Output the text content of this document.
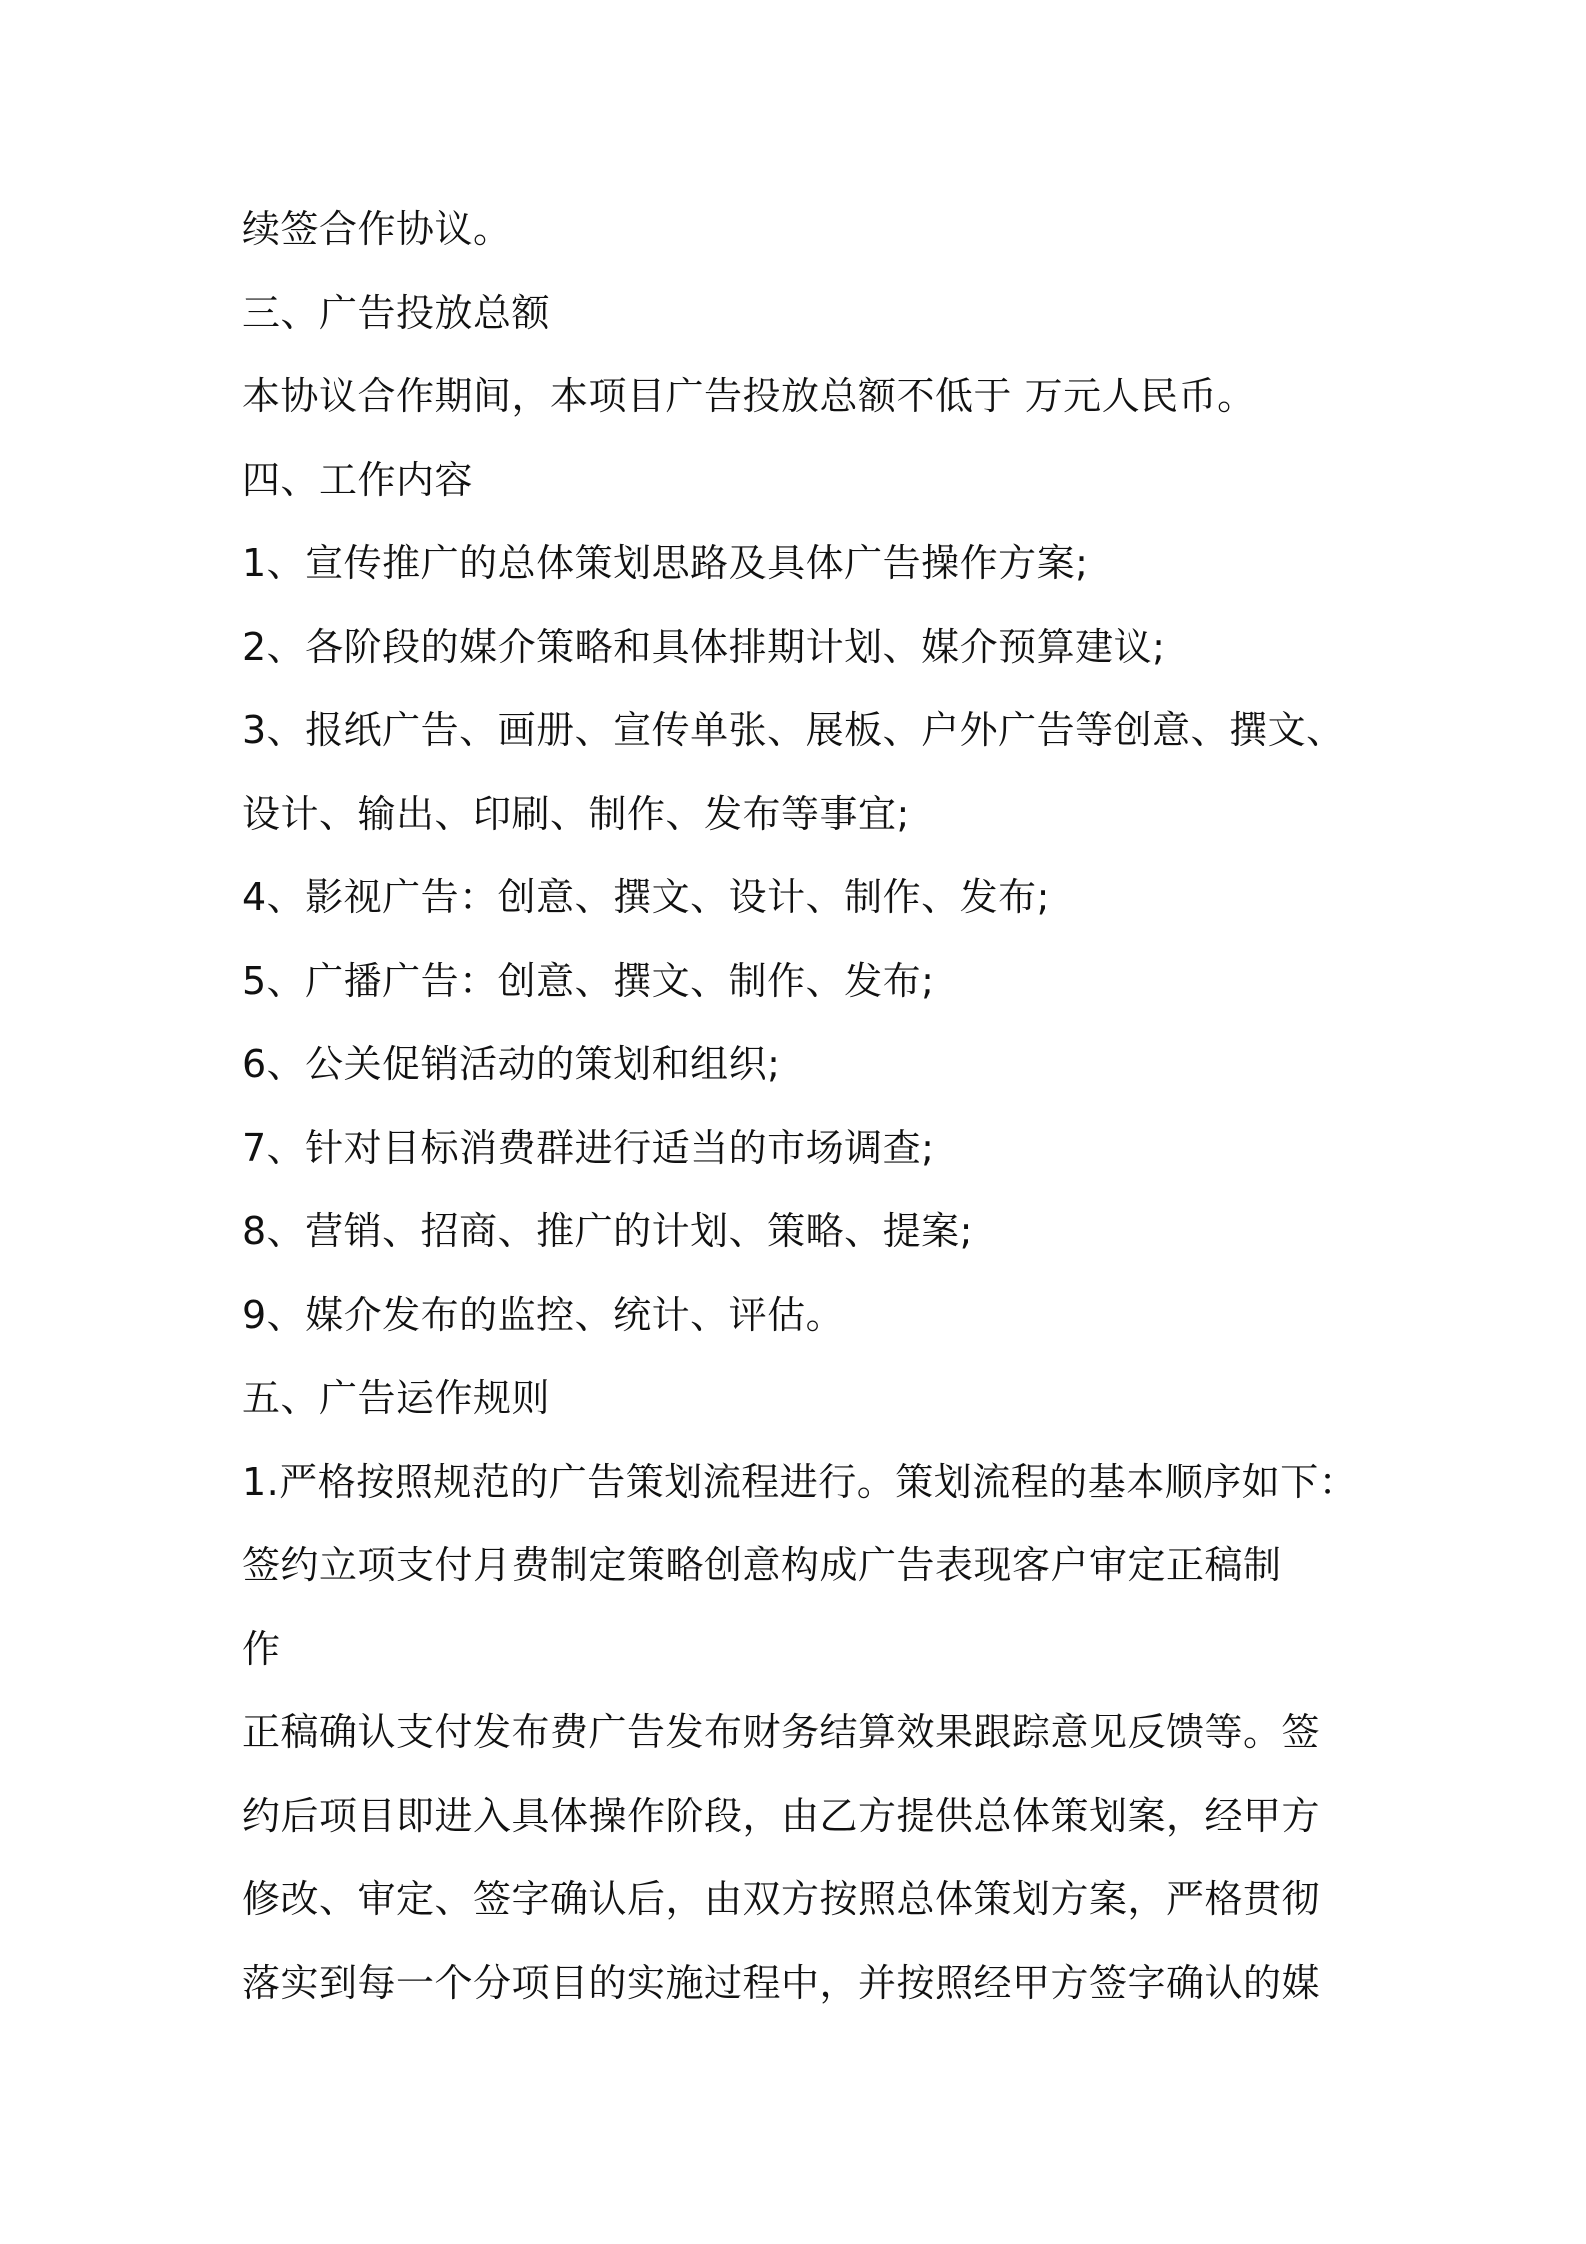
续签合作协议。
三、广告投放总额
本协议合作期间，本项目广告投放总额不低于 万元人民币。
四、工作内容
1、宣传推广的总体策划思路及具体广告操作方案;
2、各阶段的媒介策略和具体排期计划、媒介预算建议;
3、报纸广告、画册、宣传单张、展板、户外广告等创意、撰文、
设计、输出、印刷、制作、发布等事宜;
4、影视广告：创意、撰文、设计、制作、发布;
5、广播广告：创意、撰文、制作、发布;
6、公关促销活动的策划和组织;
7、针对目标消费群进行适当的市场调查;
8、营销、招商、推广的计划、策略、提案;
9、媒介发布的监控、统计、评估。
五、广告运作规则
1.严格按照规范的广告策划流程进行。策划流程的基本顺序如下：
签约立项支付月费制定策略创意构成广告表现客户审定正稿制
作
正稿确认支付发布费广告发布财务结算效果跟踪意见反馈等。签
约后项目即进入具体操作阶段，由乙方提供总体策划案，经甲方
修改、审定、签字确认后，由双方按照总体策划方案，严格贯彻
落实到每一个分项目的实施过程中，并按照经甲方签字确认的媒
